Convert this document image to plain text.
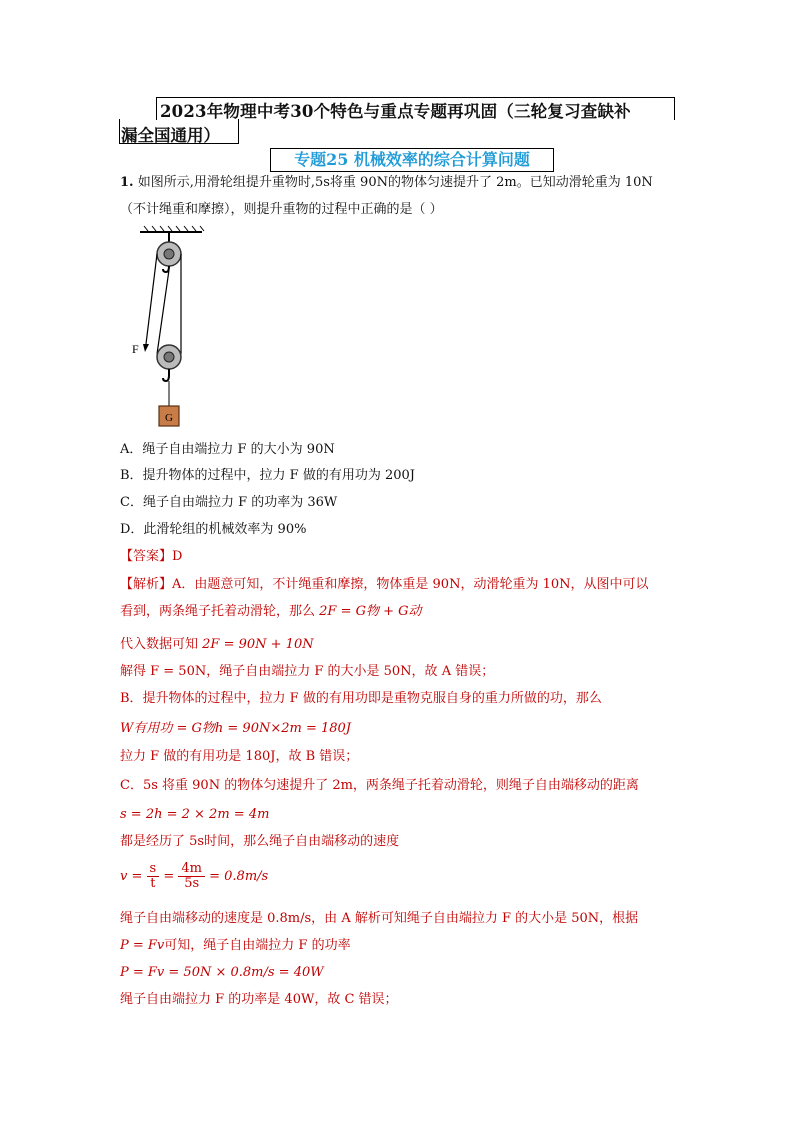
2023年物理中考30个特色与重点专题再巩固（三轮复习查缺补
漏全国通用）
专题25 机械效率的综合计算问题
1. 如图所示,用滑轮组提升重物时,5s将重 90N的物体匀速提升了 2m。已知动滑轮重为 10N
（不计绳重和摩擦），则提升重物的过程中正确的是（ ）
G
F
A．绳子自由端拉力 F 的大小为 90N
B．提升物体的过程中，拉力 F 做的有用功为 200J
C．绳子自由端拉力 F 的功率为 36W
D．此滑轮组的机械效率为 90%
【答案】D
【解析】A．由题意可知，不计绳重和摩擦，物体重是 90N，动滑轮重为 10N，从图中可以
看到，两条绳子托着动滑轮，那么 2F = G物 + G动
代入数据可知 2F = 90N + 10N
解得 F = 50N，绳子自由端拉力 F 的大小是 50N，故 A 错误；
B．提升物体的过程中，拉力 F 做的有用功即是重物克服自身的重力所做的功，那么
W有用功 = G物h = 90N×2m = 180J
拉力 F 做的有用功是 180J，故 B 错误；
C．5s 将重 90N 的物体匀速提升了 2m，两条绳子托着动滑轮，则绳子自由端移动的距离
s = 2h = 2 × 2m = 4m
都是经历了 5s时间，那么绳子自由端移动的速度
$v = \frac{s}{t} = \frac{4m}{5s} = 0.8m/s$
绳子自由端移动的速度是 0.8m/s，由 A 解析可知绳子自由端拉力 F 的大小是 50N，根据
P = Fv可知，绳子自由端拉力 F 的功率
P = Fv = 50N × 0.8m/s = 40W
绳子自由端拉力 F 的功率是 40W，故 C 错误；
